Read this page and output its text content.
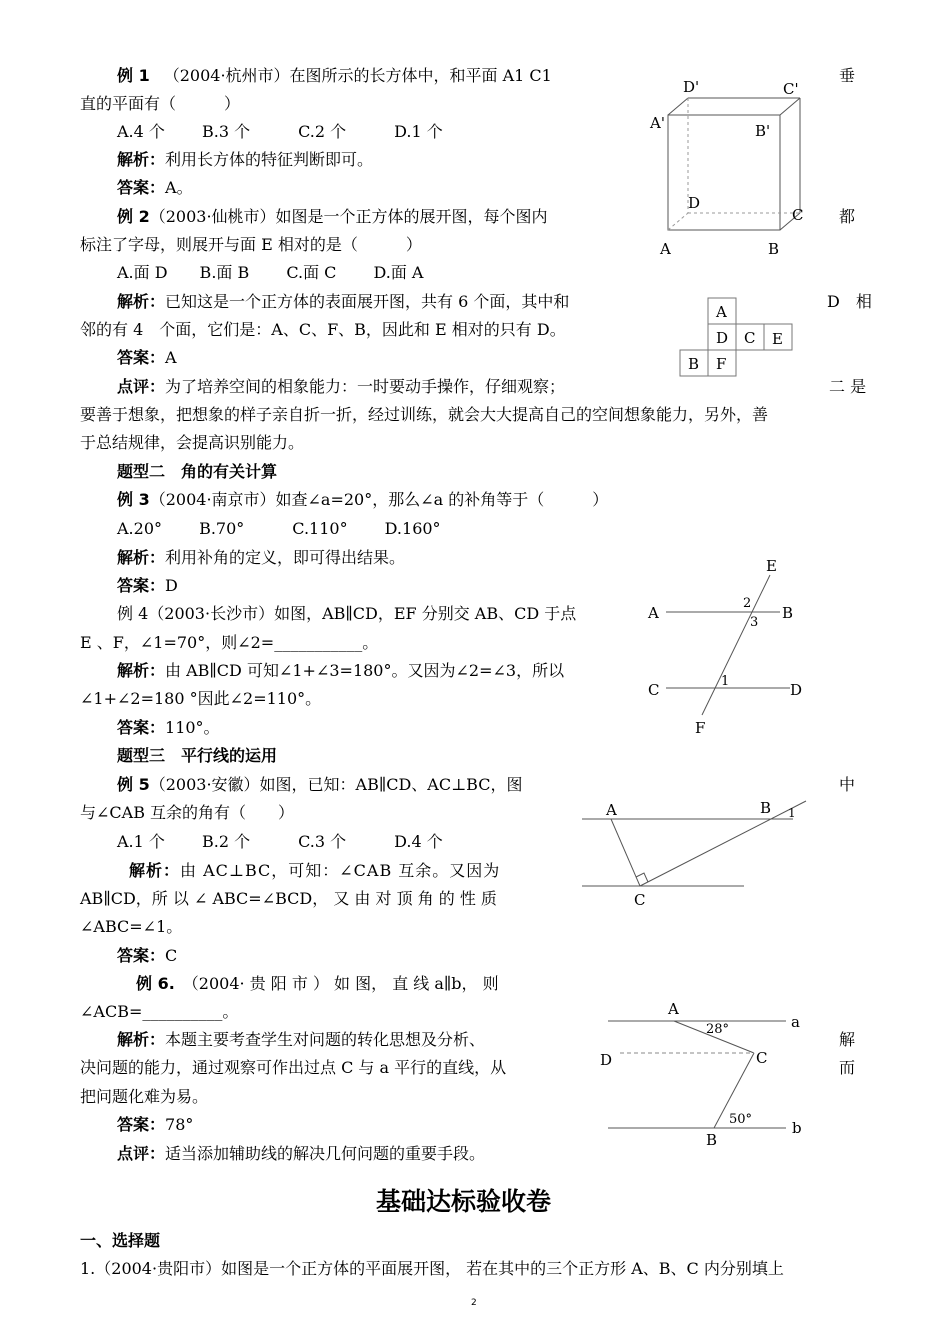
例 1 （2004·杭州市）在图所示的长方体中，和平面 A1 C1	垂
直的平面有（　　　）
A.4 个　　 B.3 个　　　C.2 个　　　D.1 个
解析：利用长方体的特征判断即可。
答案：A。
D'	C'
A'	B'
D
C
A	B
例 2（2003·仙桃市）如图是一个正方体的展开图，每个图内	都
标注了字母，则展开与面 E 相对的是（　　　）
A.面 D　　B.面 B　　 C.面 C　　 D.面 A
解析：已知这是一个正方体的表面展开图，共有 6 个面，其中和	D　相
邻的有 4　个面，它们是：A、C、F、B，因此和 E 相对的只有 D。
答案：A
点评：为了培养空间的相象能力：一时要动手操作，仔细观察；	二 是
要善于想象，把想象的样子亲自折一折，经过训练，就会大大提高自己的空间想象能力，另外，善
于总结规律，会提高识别能力。
A
D C E
B F
题型二　角的有关计算
例 3（2004·南京市）如查∠a=20°，那么∠a 的补角等于（　　　）
A.20°　　 B.70°　　　C.110°　　 D.160°
解析：利用补角的定义，即可得出结果。
答案：D
例 4（2003·长沙市）如图，AB∥CD，EF 分别交 AB、CD 于点
E 、F，∠1=70°，则∠2=___________。
解析：由 AB∥CD 可知∠1+∠3=180°。又因为∠2=∠3，所以
∠1+∠2=180 °因此∠2=110°。
答案：110°。
E
A	B
2
3
C	D
1
F
题型三　平行线的运用
例 5（2003·安徽）如图，已知：AB∥CD、AC⊥BC，图	中
与∠CAB 互余的角有（　　）
A.1 个　　 B.2 个　　　C.3 个　　　D.4 个
解析：由 AC⊥BC，可知：∠CAB 互余。又因为
AB∥CD，所 以 ∠ ABC=∠BCD， 又 由 对 顶 角 的 性 质
∠ABC=∠1。
答案：C
A	B 1
C
例 6. （2004· 贵 阳 市 ） 如 图， 直 线 a∥b， 则
∠ACB=__________。
解析：本题主要考查学生对问题的转化思想及分析、	解
决问题的能力，通过观察可作出过点 C 与 a 平行的直线，从	而
把问题化难为易。
答案：78°
点评：适当添加辅助线的解决几何问题的重要手段。
A
a
28°
D	C
50°
B
b
基础达标验收卷
一、选择题
1.（2004·贵阳市）如图是一个正方体的平面展开图， 若在其中的三个正方形 A、B、C 内分别填上
2
